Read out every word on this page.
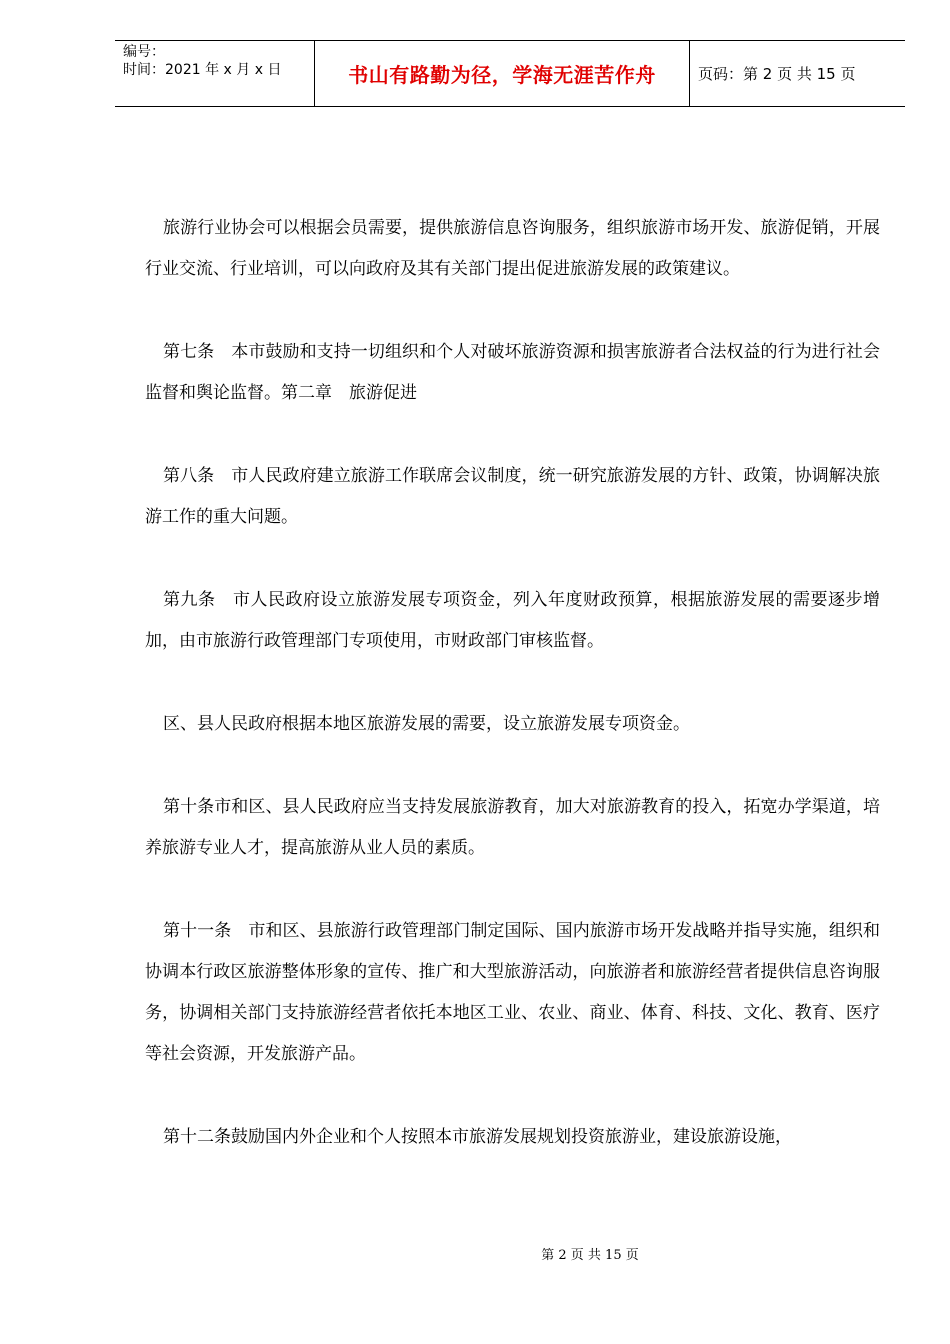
编号：
时间：2021 年 x 月 x 日	书山有路勤为径，学海无涯苦作舟	页码：第 2 页 共 15 页

旅游行业协会可以根据会员需要，提供旅游信息咨询服务，组织旅游市场开发、旅游促销，开展行业交流、行业培训，可以向政府及其有关部门提出促进旅游发展的政策建议。

第七条　本市鼓励和支持一切组织和个人对破坏旅游资源和损害旅游者合法权益的行为进行社会监督和舆论监督。第二章　旅游促进

第八条　市人民政府建立旅游工作联席会议制度，统一研究旅游发展的方针、政策，协调解决旅游工作的重大问题。

第九条　市人民政府设立旅游发展专项资金，列入年度财政预算，根据旅游发展的需要逐步增加，由市旅游行政管理部门专项使用，市财政部门审核监督。

区、县人民政府根据本地区旅游发展的需要，设立旅游发展专项资金。

第十条市和区、县人民政府应当支持发展旅游教育，加大对旅游教育的投入，拓宽办学渠道，培养旅游专业人才，提高旅游从业人员的素质。

第十一条　市和区、县旅游行政管理部门制定国际、国内旅游市场开发战略并指导实施，组织和协调本行政区旅游整体形象的宣传、推广和大型旅游活动，向旅游者和旅游经营者提供信息咨询服务，协调相关部门支持旅游经营者依托本地区工业、农业、商业、体育、科技、文化、教育、医疗等社会资源，开发旅游产品。

第十二条鼓励国内外企业和个人按照本市旅游发展规划投资旅游业，建设旅游设施，

第 2 页 共 15 页
